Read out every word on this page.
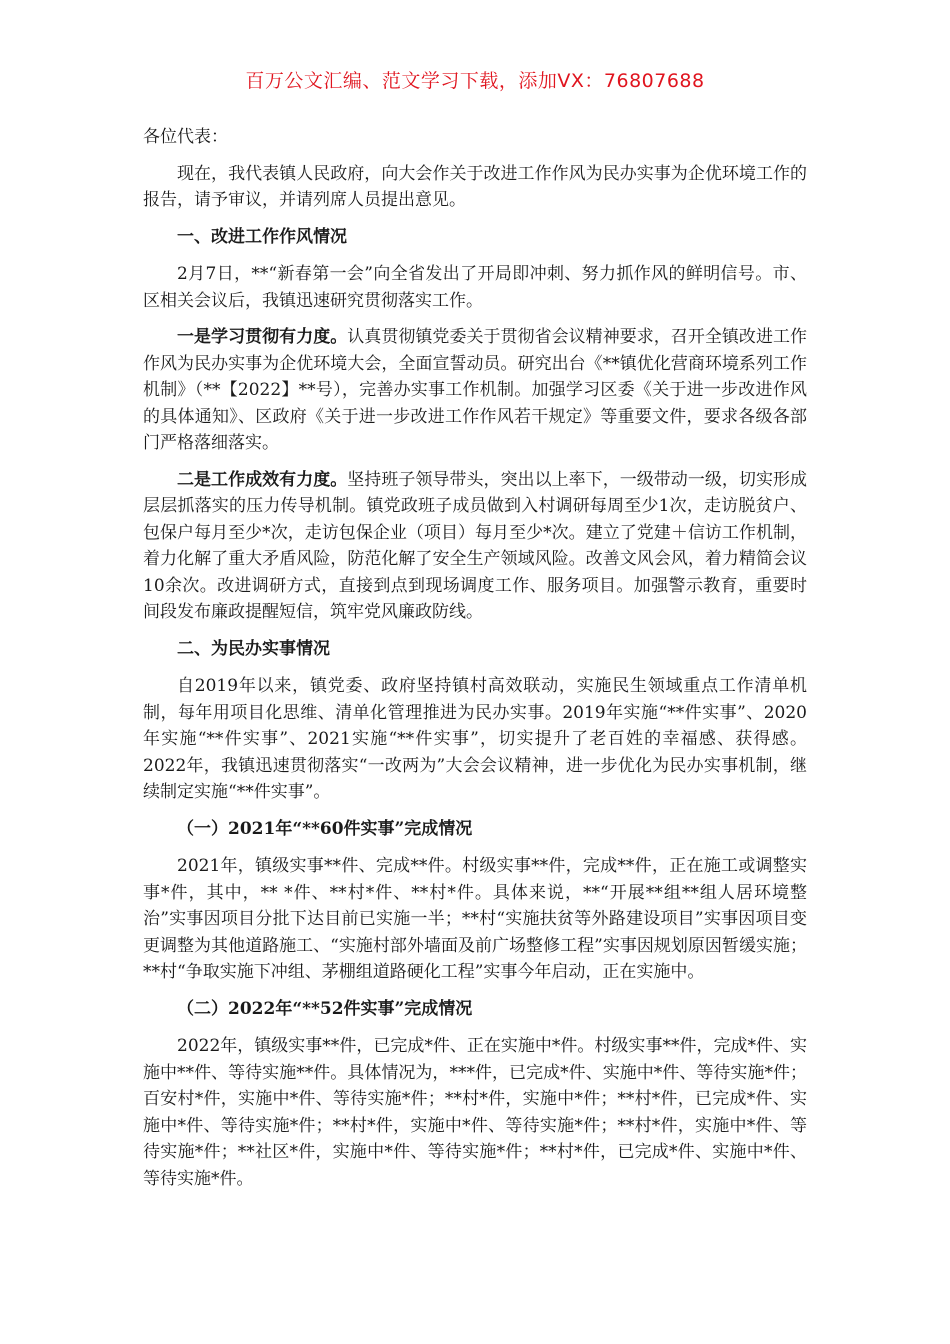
百万公文汇编、范文学习下载，添加VX：76807688

各位代表：

现在，我代表镇人民政府，向大会作关于改进工作作风为民办实事为企优环境工作的报告，请予审议，并请列席人员提出意见。

一、改进工作作风情况

2月7日，**“新春第一会”向全省发出了开局即冲刺、努力抓作风的鲜明信号。市、区相关会议后，我镇迅速研究贯彻落实工作。

一是学习贯彻有力度。认真贯彻镇党委关于贯彻省会议精神要求，召开全镇改进工作作风为民办实事为企优环境大会，全面宣誓动员。研究出台《**镇优化营商环境系列工作机制》（**【2022】**号），完善办实事工作机制。加强学习区委《关于进一步改进作风的具体通知》、区政府《关于进一步改进工作作风若干规定》等重要文件，要求各级各部门严格落细落实。

二是工作成效有力度。坚持班子领导带头，突出以上率下，一级带动一级，切实形成层层抓落实的压力传导机制。镇党政班子成员做到入村调研每周至少1次，走访脱贫户、包保户每月至少*次，走访包保企业（项目）每月至少*次。建立了党建＋信访工作机制，着力化解了重大矛盾风险，防范化解了安全生产领域风险。改善文风会风，着力精简会议10余次。改进调研方式，直接到点到现场调度工作、服务项目。加强警示教育，重要时间段发布廉政提醒短信，筑牢党风廉政防线。

二、为民办实事情况

自2019年以来，镇党委、政府坚持镇村高效联动，实施民生领域重点工作清单机制，每年用项目化思维、清单化管理推进为民办实事。2019年实施“**件实事”、2020年实施“**件实事”、2021实施“**件实事”，切实提升了老百姓的幸福感、获得感。2022年，我镇迅速贯彻落实“一改两为”大会会议精神，进一步优化为民办实事机制，继续制定实施“**件实事”。

（一）2021年“**60件实事”完成情况

2021年，镇级实事**件、完成**件。村级实事**件，完成**件，正在施工或调整实事*件，其中，** *件、**村*件、**村*件。具体来说，**“开展**组**组人居环境整治”实事因项目分批下达目前已实施一半；**村“实施扶贫等外路建设项目”实事因项目变更调整为其他道路施工、“实施村部外墙面及前广场整修工程”实事因规划原因暂缓实施；**村“争取实施下冲组、茅棚组道路硬化工程”实事今年启动，正在实施中。

（二）2022年“**52件实事”完成情况

2022年，镇级实事**件，已完成*件、正在实施中*件。村级实事**件，完成*件、实施中**件、等待实施**件。具体情况为，***件，已完成*件、实施中*件、等待实施*件；百安村*件，实施中*件、等待实施*件；**村*件，实施中*件；**村*件，已完成*件、实施中*件、等待实施*件；**村*件，实施中*件、等待实施*件；**村*件，实施中*件、等待实施*件；**社区*件，实施中*件、等待实施*件；**村*件，已完成*件、实施中*件、等待实施*件。
